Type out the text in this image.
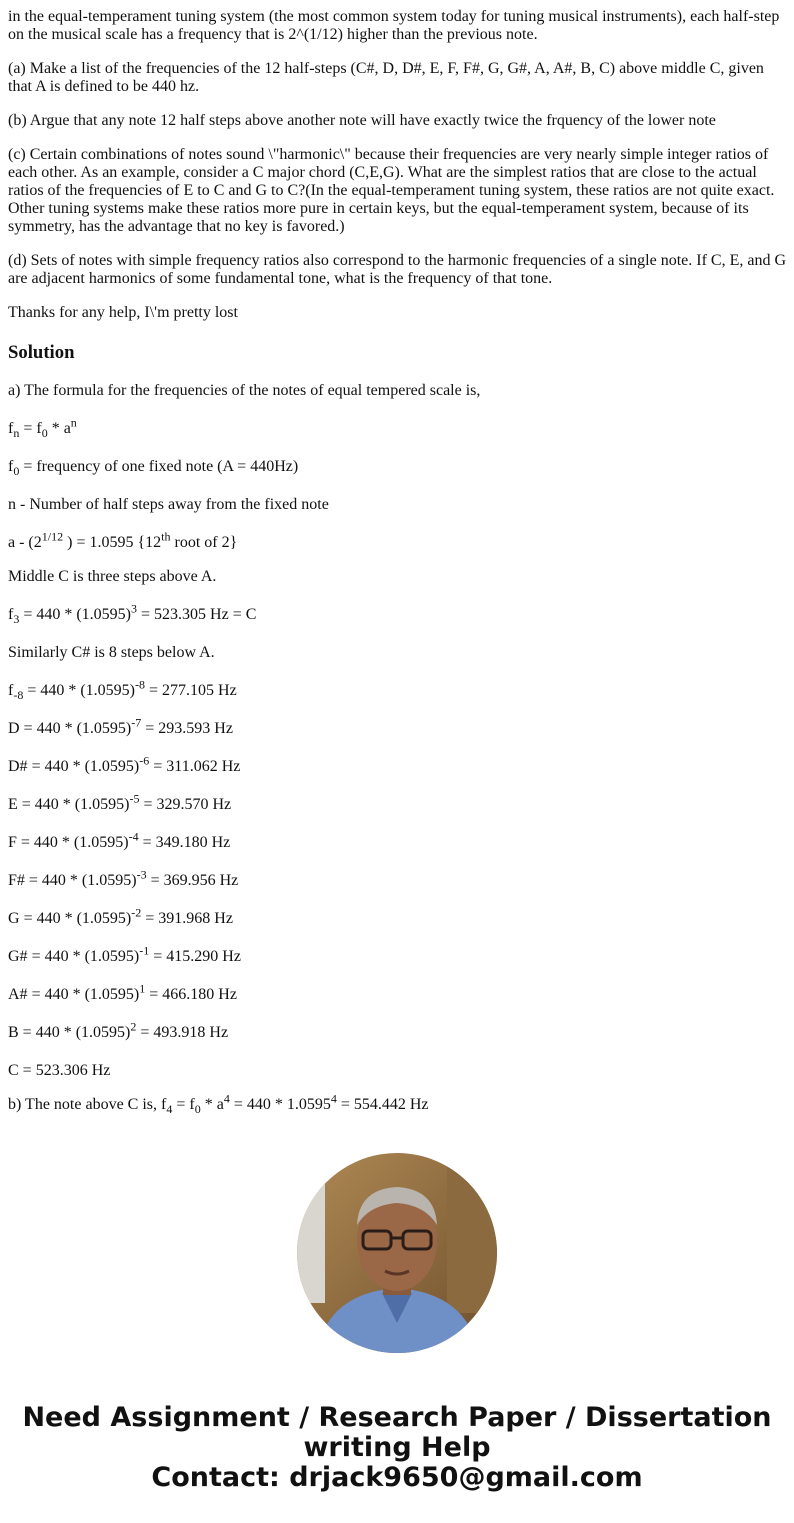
in the equal-temperament tuning system (the most common system today for tuning musical instruments), each half-step on the musical scale has a frequency that is 2^(1/12) higher than the previous note.

(a) Make a list of the frequencies of the 12 half-steps (C#, D, D#, E, F, F#, G, G#, A, A#, B, C) above middle C, given that A is defined to be 440 hz.

(b) Argue that any note 12 half steps above another note will have exactly twice the frquency of the lower note

(c) Certain combinations of notes sound \"harmonic\" because their frequencies are very nearly simple integer ratios of each other. As an example, consider a C major chord (C,E,G). What are the simplest ratios that are close to the actual ratios of the frequencies of E to C and G to C?(In the equal-temperament tuning system, these ratios are not quite exact. Other tuning systems make these ratios more pure in certain keys, but the equal-temperament system, because of its symmetry, has the advantage that no key is favored.)

(d) Sets of notes with simple frequency ratios also correspond to the harmonic frequencies of a single note. If C, E, and G are adjacent harmonics of some fundamental tone, what is the frequency of that tone.

Thanks for any help, I\'m pretty lost

Solution

a) The formula for the frequencies of the notes of equal tempered scale is,

$f_n = f_0 * a^n$

$f_0$ = frequency of one fixed note (A = 440Hz)

n - Number of half steps away from the fixed note

a - ($2^{1/12}$ ) = 1.0595 {12th root of 2}

Middle C is three steps above A.

$f_3 = 440 * (1.0595)^3 = 523.305$ Hz = C

Similarly C# is 8 steps below A.

$f_{-8} = 440 * (1.0595)^{-8} = 277.105$ Hz

$D = 440 * (1.0595)^{-7} = 293.593$ Hz

D# = $440 * (1.0595)^{-6} = 311.062$ Hz

$E = 440 * (1.0595)^{-5} = 329.570$ Hz

$F = 440 * (1.0595)^{-4} = 349.180$ Hz

F# = $440 * (1.0595)^{-3} = 369.956$ Hz

$G = 440 * (1.0595)^{-2} = 391.968$ Hz

G# = $440 * (1.0595)^{-1} = 415.290$ Hz

A# = $440 * (1.0595)^1 = 466.180$ Hz

$B = 440 * (1.0595)^2 = 493.918$ Hz

C = 523.306 Hz

b) The note above C is, $f_4 = f_0 * a^4 = 440 * 1.0595^4 = 554.442$ Hz

Need Assignment / Research Paper / Dissertation
writing Help
Contact: drjack9650@gmail.com
